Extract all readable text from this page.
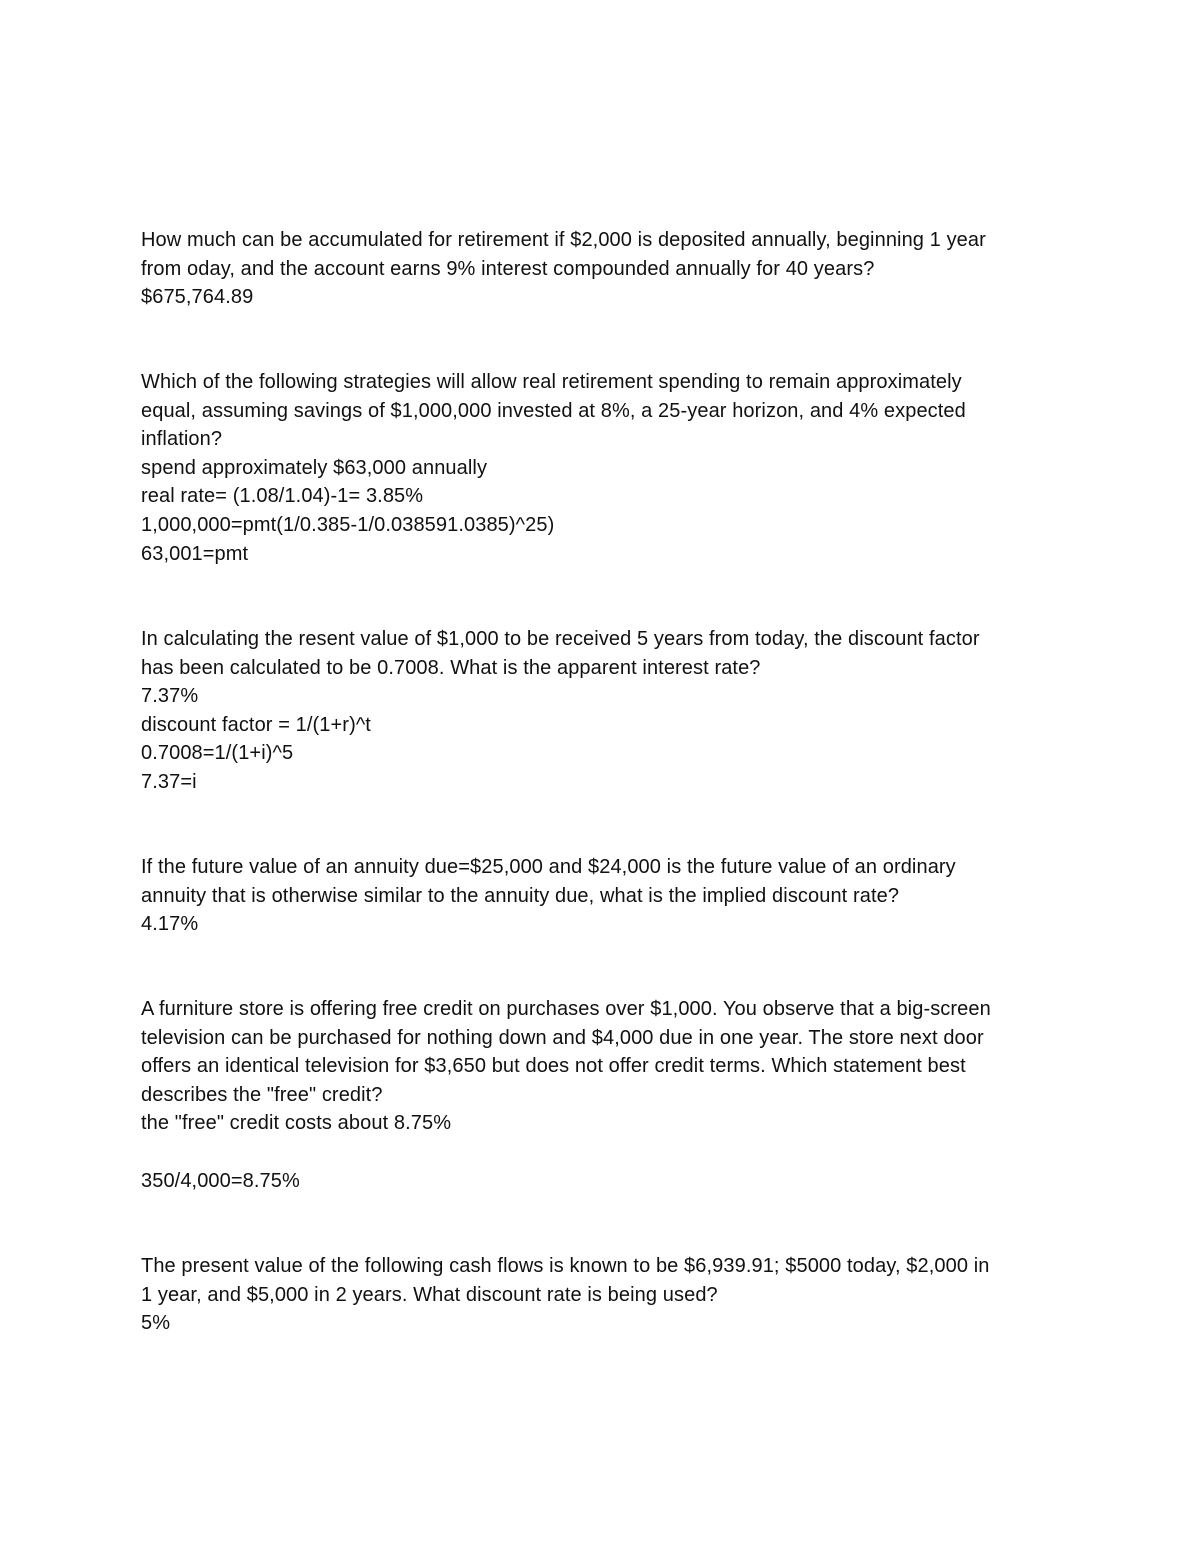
How much can be accumulated for retirement if $2,000 is deposited annually, beginning 1 year
from oday, and the account earns 9% interest compounded annually for 40 years?
$675,764.89
Which of the following strategies will allow real retirement spending to remain approximately
equal, assuming savings of $1,000,000 invested at 8%, a 25-year horizon, and 4% expected
inflation?
spend approximately $63,000 annually
real rate= (1.08/1.04)-1= 3.85%
1,000,000=pmt(1/0.385-1/0.038591.0385)^25)
63,001=pmt
In calculating the resent value of $1,000 to be received 5 years from today, the discount factor
has been calculated to be 0.7008. What is the apparent interest rate?
7.37%
discount factor = 1/(1+r)^t
0.7008=1/(1+i)^5
7.37=i
If the future value of an annuity due=$25,000 and $24,000 is the future value of an ordinary
annuity that is otherwise similar to the annuity due, what is the implied discount rate?
4.17%
A furniture store is offering free credit on purchases over $1,000. You observe that a big-screen
television can be purchased for nothing down and $4,000 due in one year. The store next door
offers an identical television for $3,650 but does not offer credit terms. Which statement best
describes the "free" credit?
the "free" credit costs about 8.75%
350/4,000=8.75%
The present value of the following cash flows is known to be $6,939.91; $5000 today, $2,000 in
1 year, and $5,000 in 2 years. What discount rate is being used?
5%
